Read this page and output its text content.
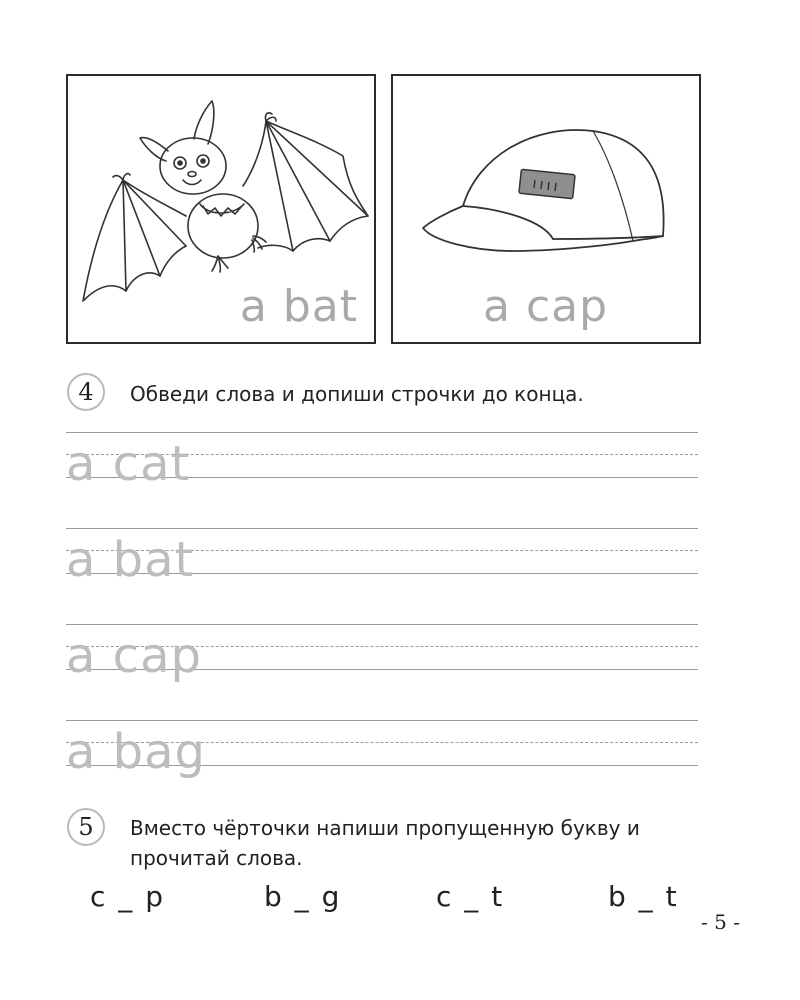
a bat	a cap
4	Обведи слова и допиши строчки до конца.
a cat
a bat
a cap
a bag
5	Вместо чёрточки напиши пропущенную букву и прочитай слова.
c _ p	b _ g	c _ t	b _ t
- 5 -
